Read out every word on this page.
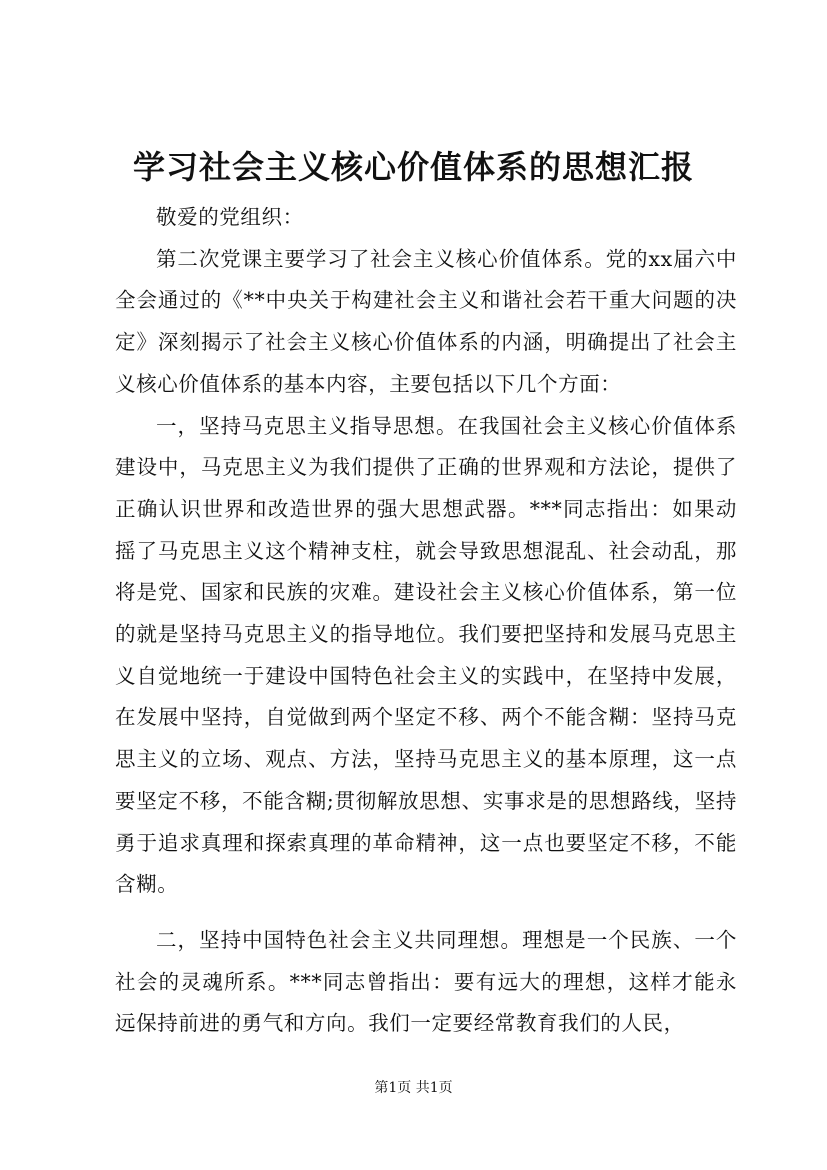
学习社会主义核心价值体系的思想汇报

敬爱的党组织：

第二次党课主要学习了社会主义核心价值体系。党的xx届六中全会通过的《**中央关于构建社会主义和谐社会若干重大问题的决定》深刻揭示了社会主义核心价值体系的内涵，明确提出了社会主义核心价值体系的基本内容，主要包括以下几个方面：

一，坚持马克思主义指导思想。在我国社会主义核心价值体系建设中，马克思主义为我们提供了正确的世界观和方法论，提供了正确认识世界和改造世界的强大思想武器。***同志指出：如果动摇了马克思主义这个精神支柱，就会导致思想混乱、社会动乱，那将是党、国家和民族的灾难。建设社会主义核心价值体系，第一位的就是坚持马克思主义的指导地位。我们要把坚持和发展马克思主义自觉地统一于建设中国特色社会主义的实践中，在坚持中发展，在发展中坚持，自觉做到两个坚定不移、两个不能含糊：坚持马克思主义的立场、观点、方法，坚持马克思主义的基本原理，这一点要坚定不移，不能含糊;贯彻解放思想、实事求是的思想路线，坚持勇于追求真理和探索真理的革命精神，这一点也要坚定不移，不能含糊。

二，坚持中国特色社会主义共同理想。理想是一个民族、一个社会的灵魂所系。***同志曾指出：要有远大的理想，这样才能永远保持前进的勇气和方向。我们一定要经常教育我们的人民，

第1页 共1页
